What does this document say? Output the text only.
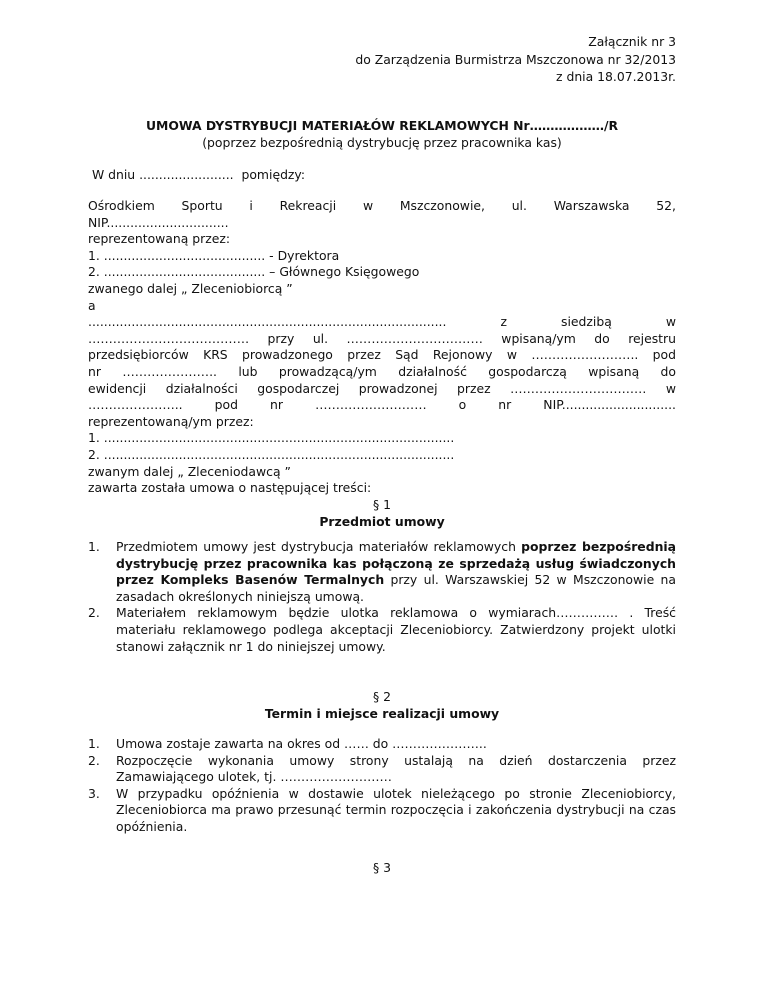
Załącznik nr 3
do Zarządzenia Burmistrza Mszczonowa nr 32/2013
z dnia 18.07.2013r.
UMOWA DYSTRYBUCJI MATERIAŁÓW REKLAMOWYCH Nr………………/R
(poprzez bezpośrednią dystrybucję przez pracownika kas)
W dniu ........................  pomiędzy:
Ośrodkiem Sportu i Rekreacji w Mszczonowie, ul. Warszawska 52,
NIP...............................
reprezentowaną przez:
1. ......................................... - Dyrektora
2. ......................................... – Głównego Księgowego
zwanego dalej „ Zleceniobiorcą ”
a
........................................................................................... z siedzibą w
………………………………… przy ul. …………………………… wpisaną/ym do rejestru
przedsiębiorców KRS prowadzonego przez Sąd Rejonowy w …………………….. pod
nr ………………….. lub prowadzącą/ym działalność gospodarczą wpisaną do
ewidencji działalności gospodarczej prowadzonej przez …………………………… w
………………….. pod nr ……………………… o nr NIP.............................
reprezentowaną/ym przez:
1. .........................................................................................
2. .........................................................................................
zwanym dalej „ Zleceniodawcą ”
zawarta została umowa o następującej treści:
§ 1
Przedmiot umowy
1. Przedmiotem umowy jest dystrybucja materiałów reklamowych poprzez bezpośrednią dystrybucję przez pracownika kas połączoną ze sprzedażą usług świadczonych przez Kompleks Basenów Termalnych przy ul. Warszawskiej 52 w Mszczonowie na zasadach określonych niniejszą umową.
2. Materiałem reklamowym będzie ulotka reklamowa o wymiarach…………… . Treść materiału reklamowego podlega akceptacji Zleceniobiorcy. Zatwierdzony projekt ulotki stanowi załącznik nr 1 do niniejszej umowy.
§ 2
Termin i miejsce realizacji umowy
1. Umowa zostaje zawarta na okres od …… do …………………..
2. Rozpoczęcie wykonania umowy strony ustalają na dzień dostarczenia przez Zamawiającego ulotek, tj. ………………………
3. W przypadku opóźnienia w dostawie ulotek nieleżącego po stronie Zleceniobiorcy, Zleceniobiorca ma prawo przesunąć termin rozpoczęcia i zakończenia dystrybucji na czas opóźnienia.
§ 3
